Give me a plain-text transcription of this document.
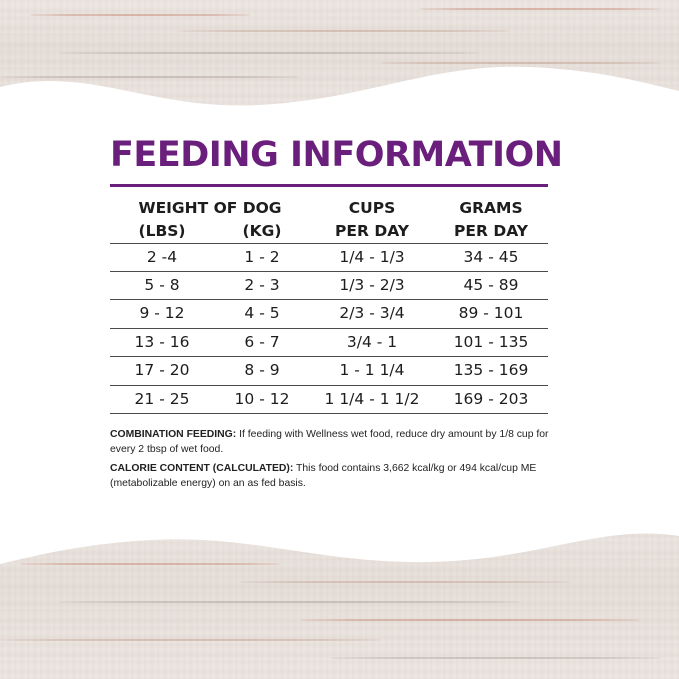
FEEDING INFORMATION
WEIGHT OF DOG		CUPS	GRAMS
(LBS)	(KG)	PER DAY	PER DAY
2 -4	1 - 2	1/4 - 1/3	34 - 45
5 - 8	2 - 3	1/3 - 2/3	45 - 89
9 - 12	4 - 5	2/3 - 3/4	89 - 101
13 - 16	6 - 7	3/4 - 1	101 - 135
17 - 20	8 - 9	1 - 1 1/4	135 - 169
21 - 25	10 - 12	1 1/4 - 1 1/2	169 - 203
COMBINATION FEEDING: If feeding with Wellness wet food, reduce dry amount by 1/8 cup for every 2 tbsp of wet food.
CALORIE CONTENT (CALCULATED): This food contains 3,662 kcal/kg or 494 kcal/cup ME (metabolizable energy) on an as fed basis.
